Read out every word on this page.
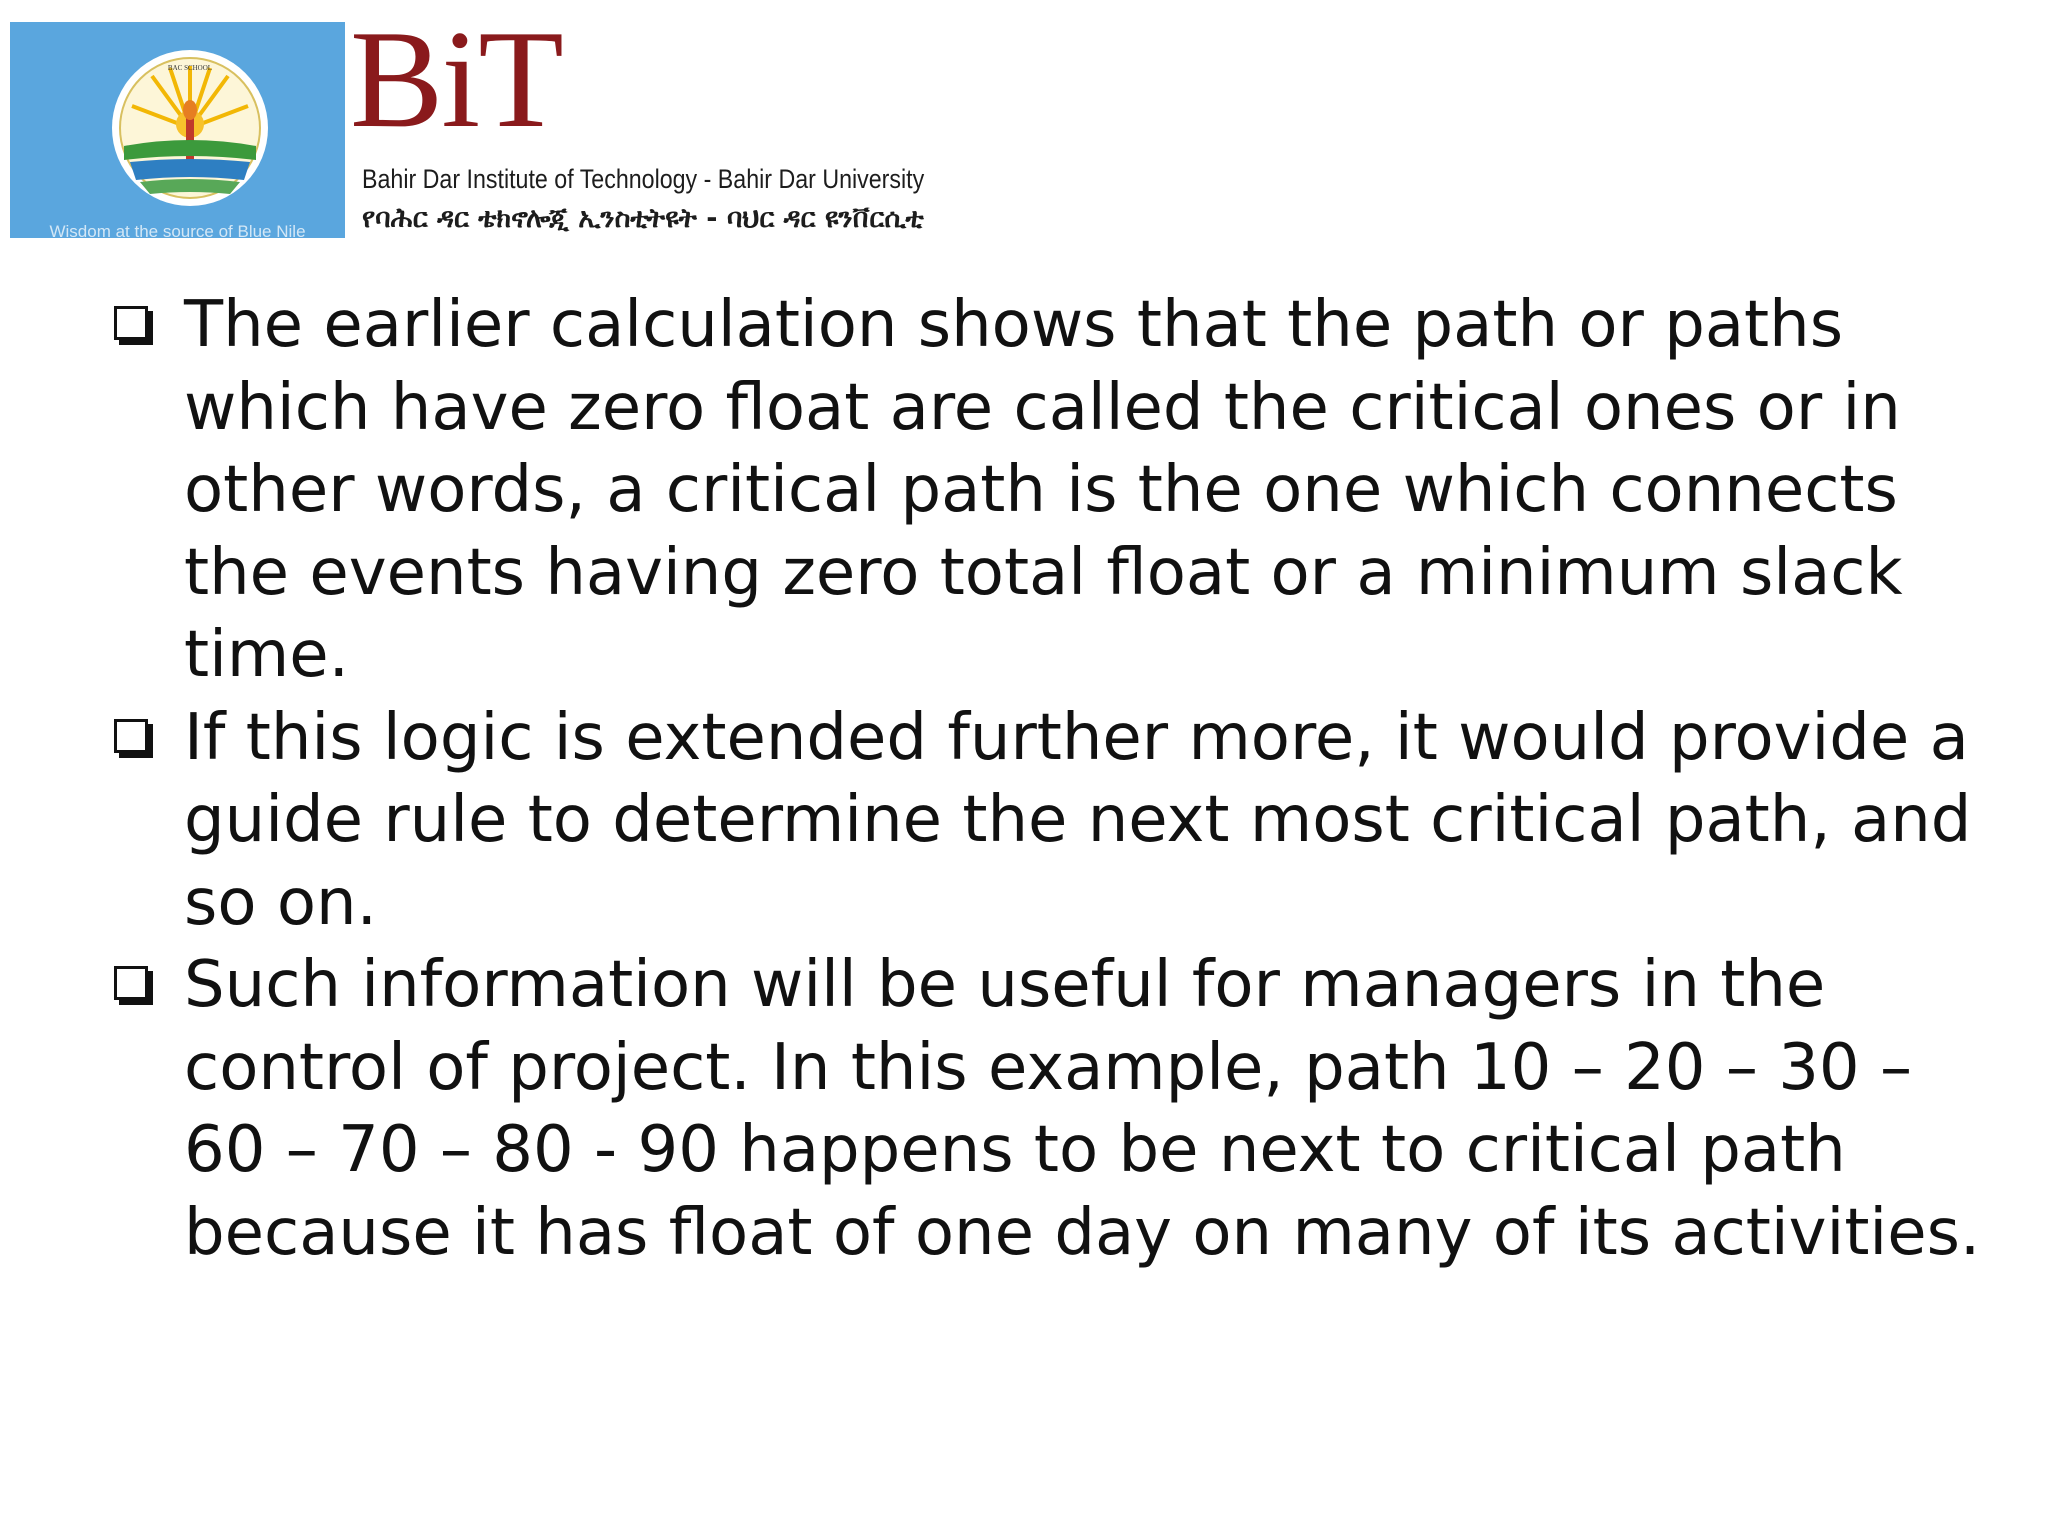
BAC SCHOOL
Wisdom at the source of Blue Nile
BiT
Bahir Dar Institute of Technology - Bahir Dar University
የባሕር ዳር ቴክኖሎጂ ኢንስቲትዩት - ባህር ዳር ዩንቨርሲቲ
The earlier calculation shows that the path or paths which have zero float are called the critical ones or in other words, a critical path is the one which connects the events having zero total float or a minimum slack time.
If this logic is extended further more, it would provide a guide rule to determine the next most critical path, and so on.
Such information will be useful for managers in the control of project. In this example, path 10 – 20 – 30 – 60 – 70 – 80 - 90 happens to be next to critical path because it has float of one day on many of its activities.
